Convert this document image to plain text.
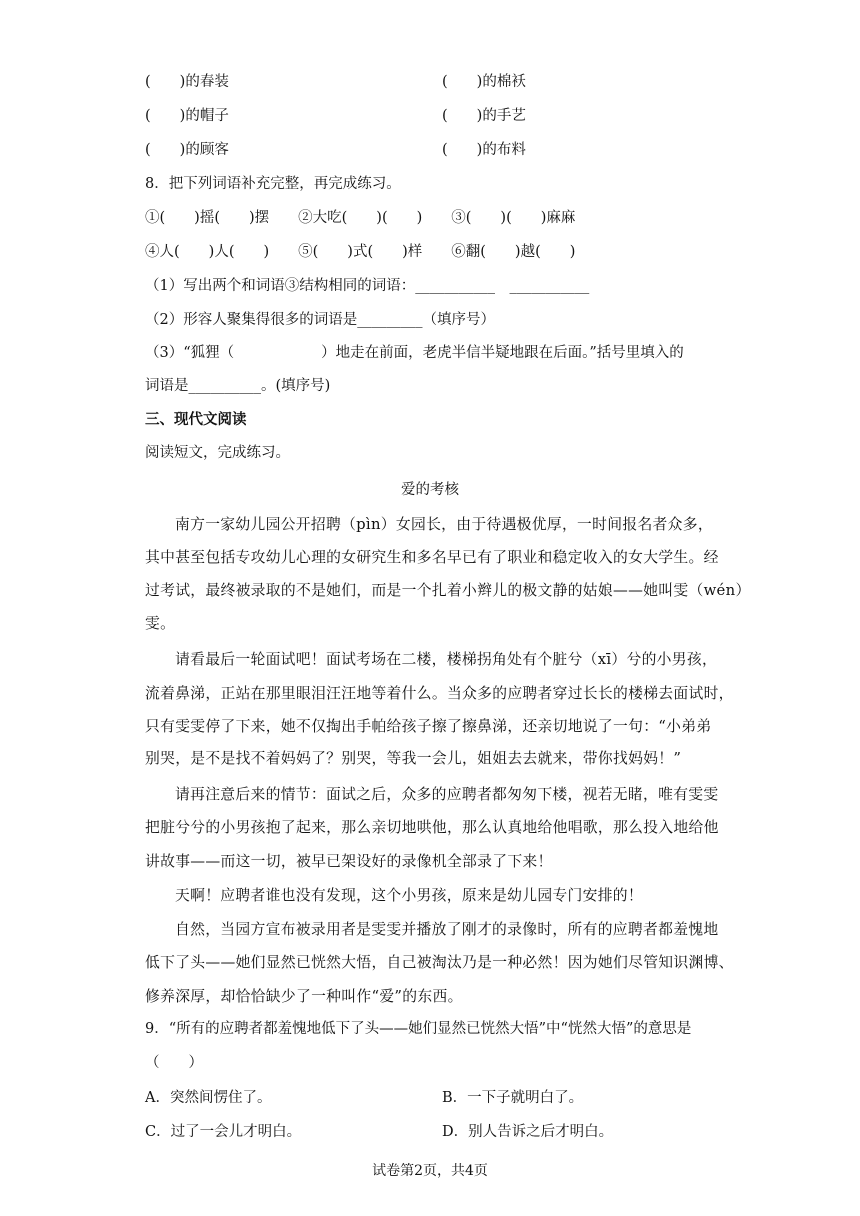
(　　)的春装	(　　)的棉袄
(　　)的帽子	(　　)的手艺
(　　)的顾客	(　　)的布料
8．把下列词语补充完整，再完成练习。
①(　　)摇(　　)摆　　②大吃(　　)(　　)　　③(　　)(　　)麻麻
④人(　　)人(　　)　　⑤(　　)式(　　)样　　⑥翻(　　)越(　　)
（1）写出两个和词语③结构相同的词语：___________　___________
（2）形容人聚集得很多的词语是_________（填序号）
（3）“狐狸（　　　　　　）地走在前面，老虎半信半疑地跟在后面。”括号里填入的
词语是__________。(填序号)
三、现代文阅读
阅读短文，完成练习。
爱的考核
南方一家幼儿园公开招聘（pìn）女园长，由于待遇极优厚，一时间报名者众多，
其中甚至包括专攻幼儿心理的女研究生和多名早已有了职业和稳定收入的女大学生。经
过考试，最终被录取的不是她们，而是一个扎着小辫儿的极文静的姑娘——她叫雯（wén）
雯。
请看最后一轮面试吧！面试考场在二楼，楼梯拐角处有个脏兮（xī）兮的小男孩，
流着鼻涕，正站在那里眼泪汪汪地等着什么。当众多的应聘者穿过长长的楼梯去面试时，
只有雯雯停了下来，她不仅掏出手帕给孩子擦了擦鼻涕，还亲切地说了一句：“小弟弟
别哭，是不是找不着妈妈了？别哭，等我一会儿，姐姐去去就来，带你找妈妈！”
请再注意后来的情节：面试之后，众多的应聘者都匆匆下楼，视若无睹，唯有雯雯
把脏兮兮的小男孩抱了起来，那么亲切地哄他，那么认真地给他唱歌，那么投入地给他
讲故事——而这一切，被早已架设好的录像机全部录了下来！
天啊！应聘者谁也没有发现，这个小男孩，原来是幼儿园专门安排的！
自然，当园方宣布被录用者是雯雯并播放了刚才的录像时，所有的应聘者都羞愧地
低下了头——她们显然已恍然大悟，自己被淘汰乃是一种必然！因为她们尽管知识渊博、
修养深厚，却恰恰缺少了一种叫作“爱”的东西。
9．“所有的应聘者都羞愧地低下了头——她们显然已恍然大悟”中“恍然大悟”的意思是
（　　）
A．突然间愣住了。	B．一下子就明白了。
C．过了一会儿才明白。	D．别人告诉之后才明白。
试卷第2页，共4页
